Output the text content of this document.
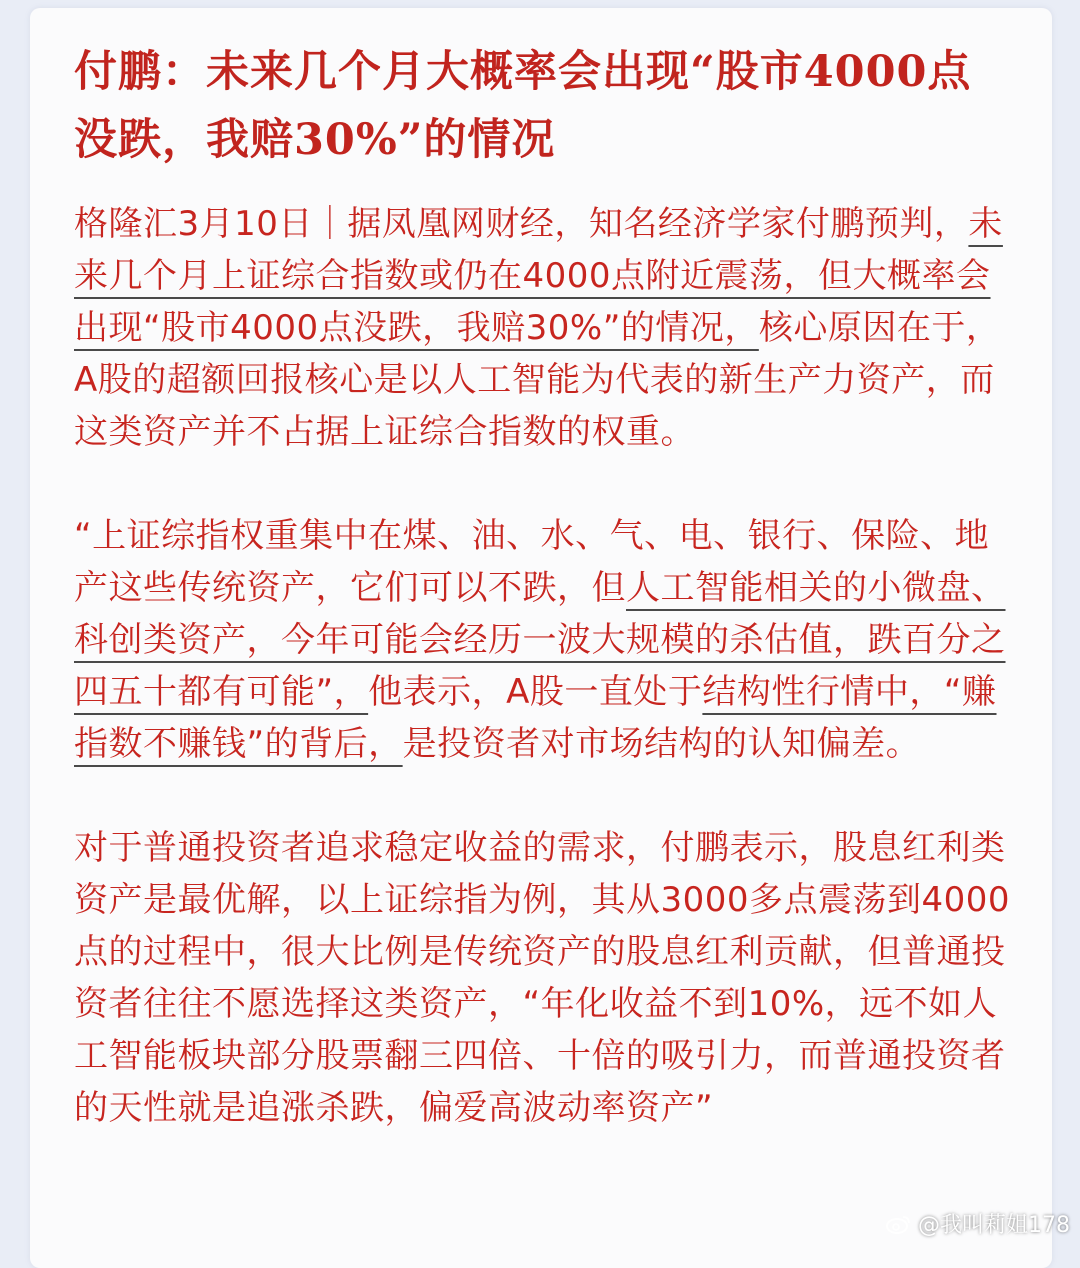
付鹏：未来几个月大概率会出现“股市4000点没跌，我赔30%”的情况

格隆汇3月10日｜据凤凰网财经，知名经济学家付鹏预判，未来几个月上证综合指数或仍在4000点附近震荡，但大概率会出现“股市4000点没跌，我赔30%”的情况，核心原因在于，A股的超额回报核心是以人工智能为代表的新生产力资产，而这类资产并不占据上证综合指数的权重。

“上证综指权重集中在煤、油、水、气、电、银行、保险、地产这些传统资产，它们可以不跌，但人工智能相关的小微盘、科创类资产，今年可能会经历一波大规模的杀估值，跌百分之四五十都有可能”，他表示，A股一直处于结构性行情中，“赚指数不赚钱”的背后，是投资者对市场结构的认知偏差。

对于普通投资者追求稳定收益的需求，付鹏表示，股息红利类资产是最优解，以上证综指为例，其从3000多点震荡到4000点的过程中，很大比例是传统资产的股息红利贡献，但普通投资者往往不愿选择这类资产，“年化收益不到10%，远不如人工智能板块部分股票翻三四倍、十倍的吸引力，而普通投资者的天性就是追涨杀跌，偏爱高波动率资产”

@我叫莉姐178
